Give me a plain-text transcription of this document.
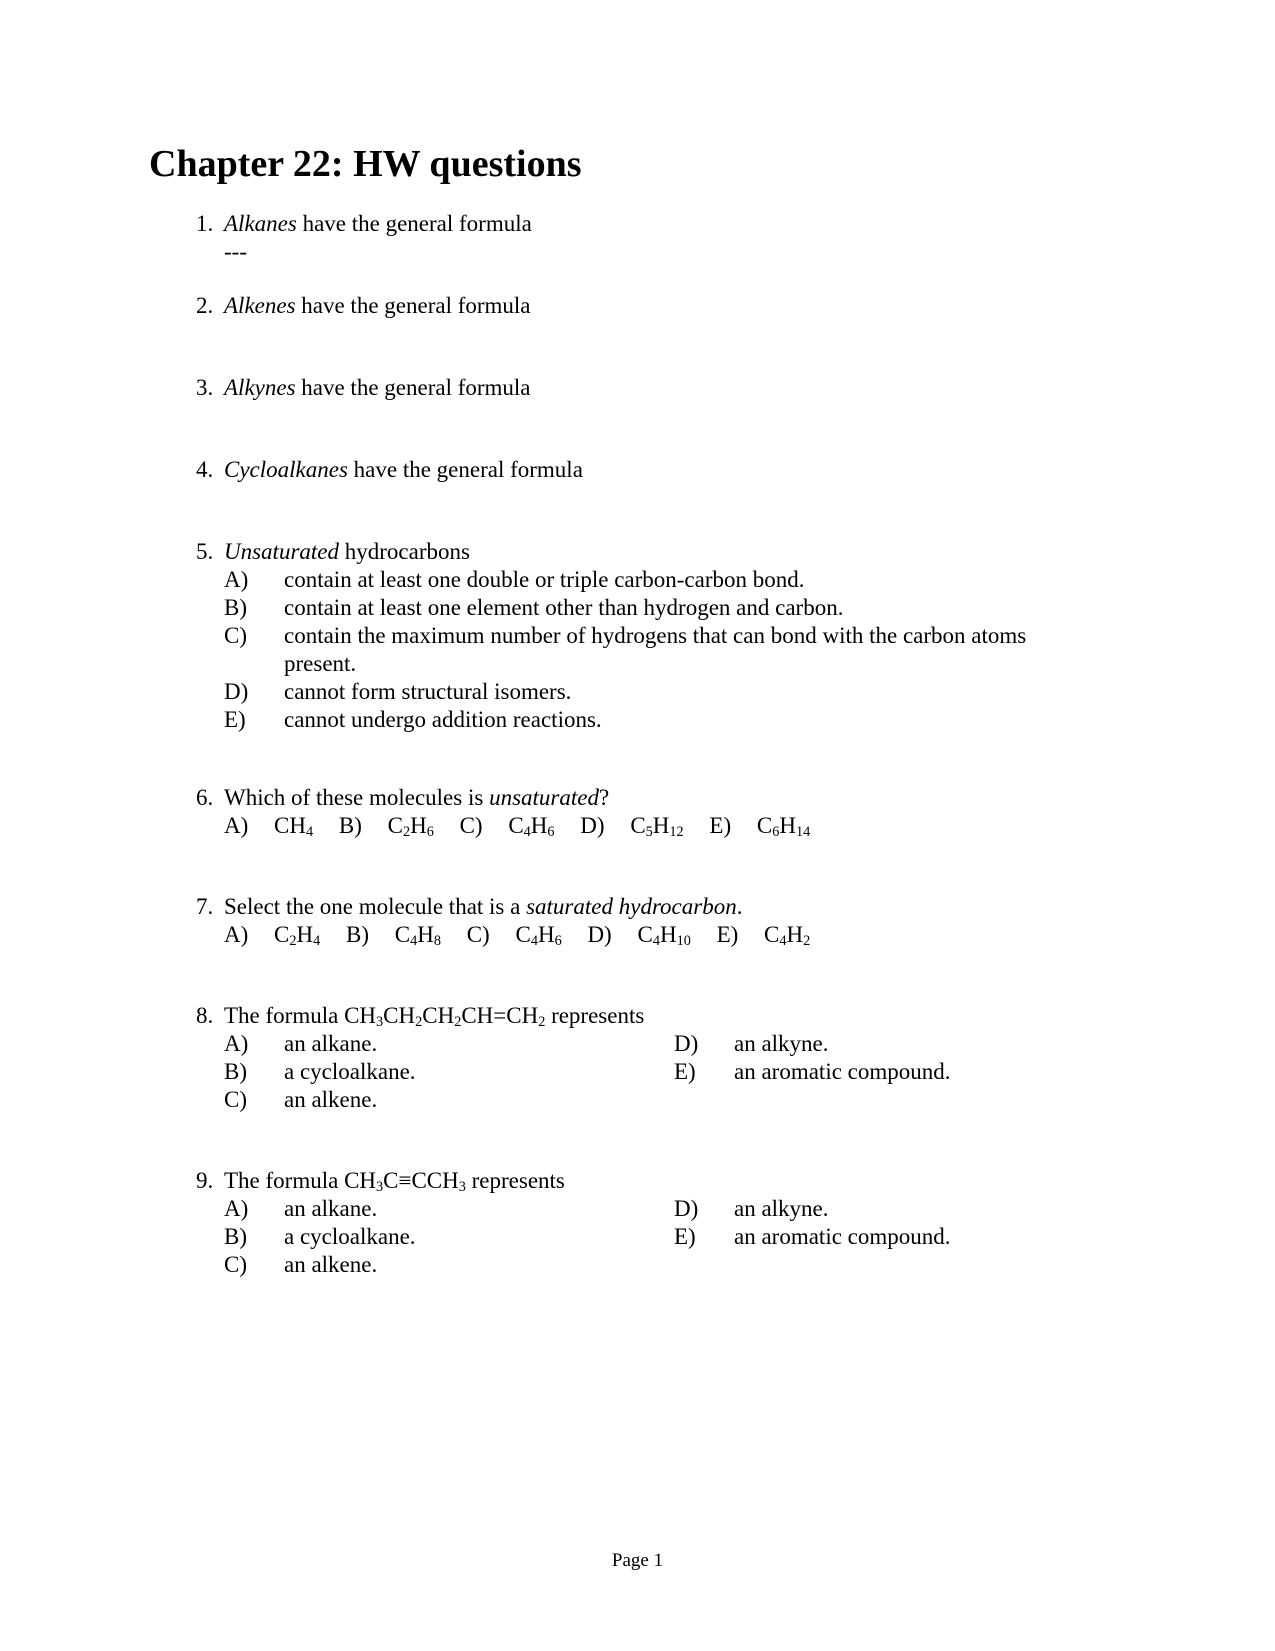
Chapter 22: HW questions
1. Alkanes have the general formula
---
2. Alkenes have the general formula
3. Alkynes have the general formula
4. Cycloalkanes have the general formula
5. Unsaturated hydrocarbons
A)	contain at least one double or triple carbon-carbon bond.
B)	contain at least one element other than hydrogen and carbon.
C)	contain the maximum number of hydrogens that can bond with the carbon atoms present.
D)	cannot form structural isomers.
E)	cannot undergo addition reactions.
6. Which of these molecules is unsaturated?
A) $CH_4$ B) $C_2H_6$ C) $C_4H_6$ D) $C_5H_{12}$ E) $C_6H_{14}$
7. Select the one molecule that is a saturated hydrocarbon.
A) $C_2H_4$ B) $C_4H_8$ C) $C_4H_6$ D) $C_4H_{10}$ E) $C_4H_2$
8. The formula $CH_3CH_2CH_2CH=CH_2$ represents
A)	an alkane.
B)	a cycloalkane.
C)	an alkene.
D)	an alkyne.
E)	an aromatic compound.
9. The formula $CH_3C\equiv CCH_3$ represents
A)	an alkane.
B)	a cycloalkane.
C)	an alkene.
D)	an alkyne.
E)	an aromatic compound.
Page 1
